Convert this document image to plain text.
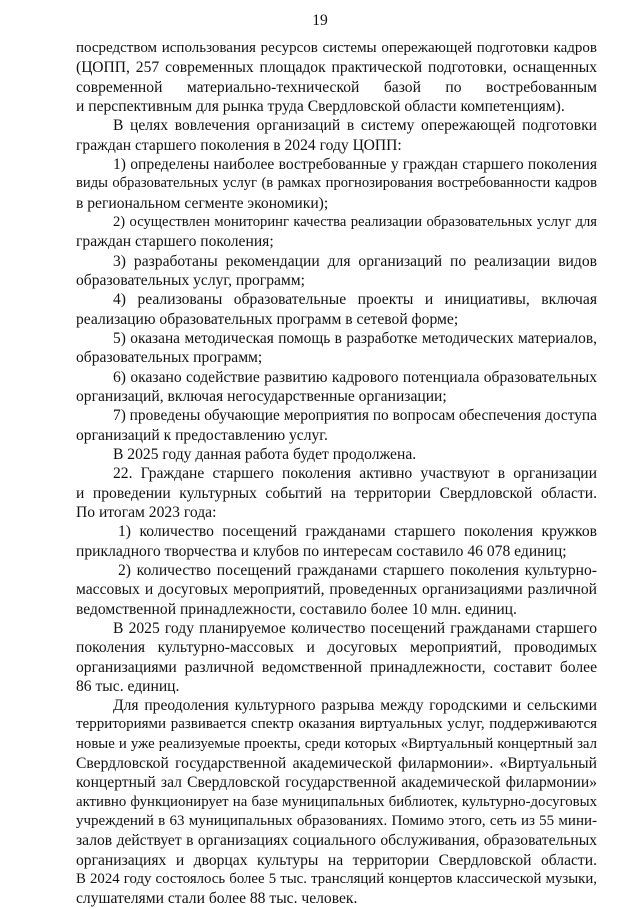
19
посредством использования ресурсов системы опережающей подготовки кадров
(ЦОПП, 257 современных площадок практической подготовки, оснащенных
современной материально-технической базой по востребованным
и перспективным для рынка труда Свердловской области компетенциям).
В целях вовлечения организаций в систему опережающей подготовки
граждан старшего поколения в 2024 году ЦОПП:
1) определены наиболее востребованные у граждан старшего поколения
виды образовательных услуг (в рамках прогнозирования востребованности кадров
в региональном сегменте экономики);
2) осуществлен мониторинг качества реализации образовательных услуг для
граждан старшего поколения;
3) разработаны рекомендации для организаций по реализации видов
образовательных услуг, программ;
4) реализованы образовательные проекты и инициативы, включая
реализацию образовательных программ в сетевой форме;
5) оказана методическая помощь в разработке методических материалов,
образовательных программ;
6) оказано содействие развитию кадрового потенциала образовательных
организаций, включая негосударственные организации;
7) проведены обучающие мероприятия по вопросам обеспечения доступа
организаций к предоставлению услуг.
В 2025 году данная работа будет продолжена.
22. Граждане старшего поколения активно участвуют в организации
и проведении культурных событий на территории Свердловской области.
По итогам 2023 года:
1) количество посещений гражданами старшего поколения кружков
прикладного творчества и клубов по интересам составило 46 078 единиц;
2) количество посещений гражданами старшего поколения культурно-
массовых и досуговых мероприятий, проведенных организациями различной
ведомственной принадлежности, составило более 10 млн. единиц.
В 2025 году планируемое количество посещений гражданами старшего
поколения культурно-массовых и досуговых мероприятий, проводимых
организациями различной ведомственной принадлежности, составит более
86 тыс. единиц.
Для преодоления культурного разрыва между городскими и сельскими
территориями развивается спектр оказания виртуальных услуг, поддерживаются
новые и уже реализуемые проекты, среди которых «Виртуальный концертный зал
Свердловской государственной академической филармонии». «Виртуальный
концертный зал Свердловской государственной академической филармонии»
активно функционирует на базе муниципальных библиотек, культурно-досуговых
учреждений в 63 муниципальных образованиях. Помимо этого, сеть из 55 мини-
залов действует в организациях социального обслуживания, образовательных
организациях и дворцах культуры на территории Свердловской области.
В 2024 году состоялось более 5 тыс. трансляций концертов классической музыки,
слушателями стали более 88 тыс. человек.
